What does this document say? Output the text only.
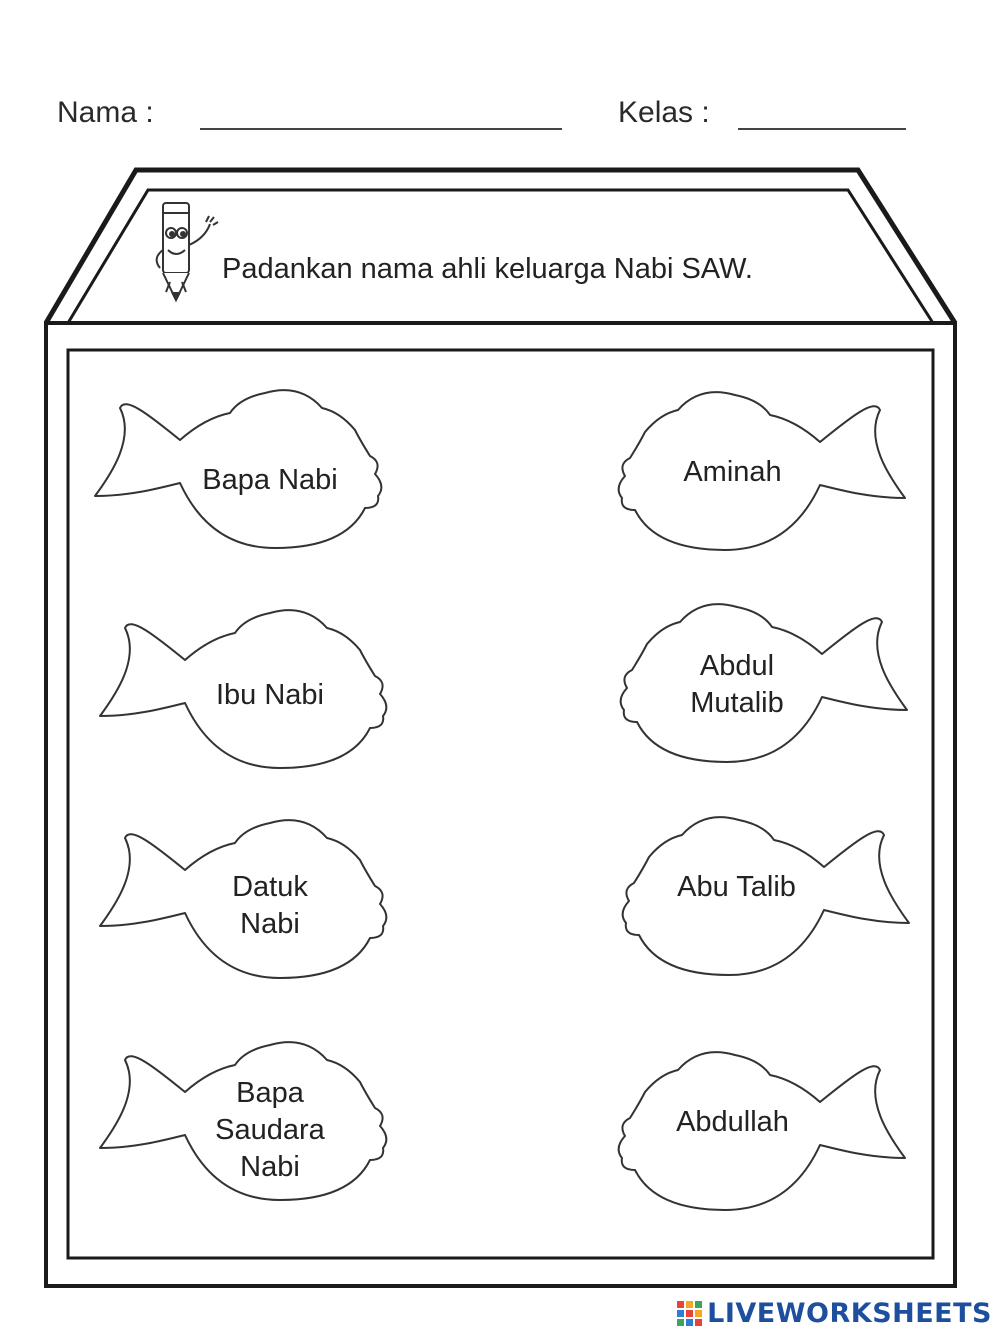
Nama :	Kelas :
Padankan nama ahli keluarga Nabi SAW.
Bapa Nabi
Ibu Nabi
Datuk
Nabi
Bapa
Saudara
Nabi
Aminah
Abdul
Mutalib
Abu Talib
Abdullah
LIVEWORKSHEETS
